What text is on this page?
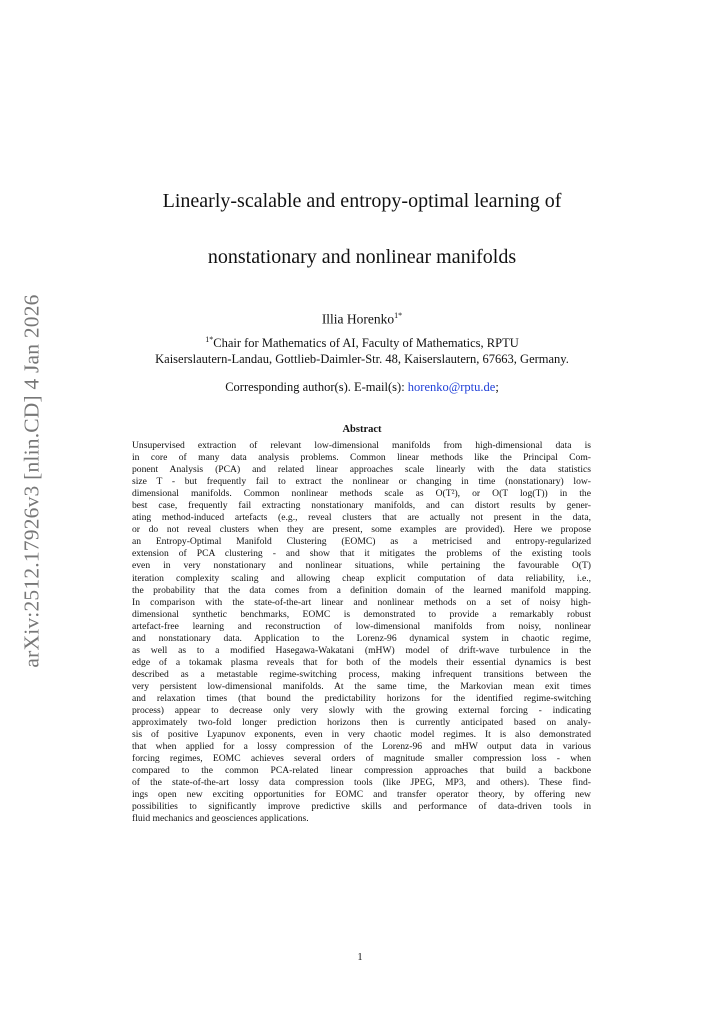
arXiv:2512.17926v3 [nlin.CD] 4 Jan 2026
Linearly-scalable and entropy-optimal learning of
nonstationary and nonlinear manifolds
Illia Horenko$^{1*}$
$^{1*}$Chair for Mathematics of AI, Faculty of Mathematics, RPTU
Kaiserslautern-Landau, Gottlieb-Daimler-Str. 48, Kaiserslautern, 67663, Germany.
Corresponding author(s). E-mail(s): horenko@rptu.de;
Abstract
Unsupervised extraction of relevant low-dimensional manifolds from high-dimensional data is
in core of many data analysis problems. Common linear methods like the Principal Com-
ponent Analysis (PCA) and related linear approaches scale linearly with the data statistics
size T - but frequently fail to extract the nonlinear or changing in time (nonstationary) low-
dimensional manifolds. Common nonlinear methods scale as O(T²), or O(T log(T)) in the
best case, frequently fail extracting nonstationary manifolds, and can distort results by gener-
ating method-induced artefacts (e.g., reveal clusters that are actually not present in the data,
or do not reveal clusters when they are present, some examples are provided). Here we propose
an Entropy-Optimal Manifold Clustering (EOMC) as a metricised and entropy-regularized
extension of PCA clustering - and show that it mitigates the problems of the existing tools
even in very nonstationary and nonlinear situations, while pertaining the favourable O(T)
iteration complexity scaling and allowing cheap explicit computation of data reliability, i.e.,
the probability that the data comes from a definition domain of the learned manifold mapping.
In comparison with the state-of-the-art linear and nonlinear methods on a set of noisy high-
dimensional synthetic benchmarks, EOMC is demonstrated to provide a remarkably robust
artefact-free learning and reconstruction of low-dimensional manifolds from noisy, nonlinear
and nonstationary data. Application to the Lorenz-96 dynamical system in chaotic regime,
as well as to a modified Hasegawa-Wakatani (mHW) model of drift-wave turbulence in the
edge of a tokamak plasma reveals that for both of the models their essential dynamics is best
described as a metastable regime-switching process, making infrequent transitions between the
very persistent low-dimensional manifolds. At the same time, the Markovian mean exit times
and relaxation times (that bound the predictability horizons for the identified regime-switching
process) appear to decrease only very slowly with the growing external forcing - indicating
approximately two-fold longer prediction horizons then is currently anticipated based on analy-
sis of positive Lyapunov exponents, even in very chaotic model regimes. It is also demonstrated
that when applied for a lossy compression of the Lorenz-96 and mHW output data in various
forcing regimes, EOMC achieves several orders of magnitude smaller compression loss - when
compared to the common PCA-related linear compression approaches that build a backbone
of the state-of-the-art lossy data compression tools (like JPEG, MP3, and others). These find-
ings open new exciting opportunities for EOMC and transfer operator theory, by offering new
possibilities to significantly improve predictive skills and performance of data-driven tools in
fluid mechanics and geosciences applications.
1
